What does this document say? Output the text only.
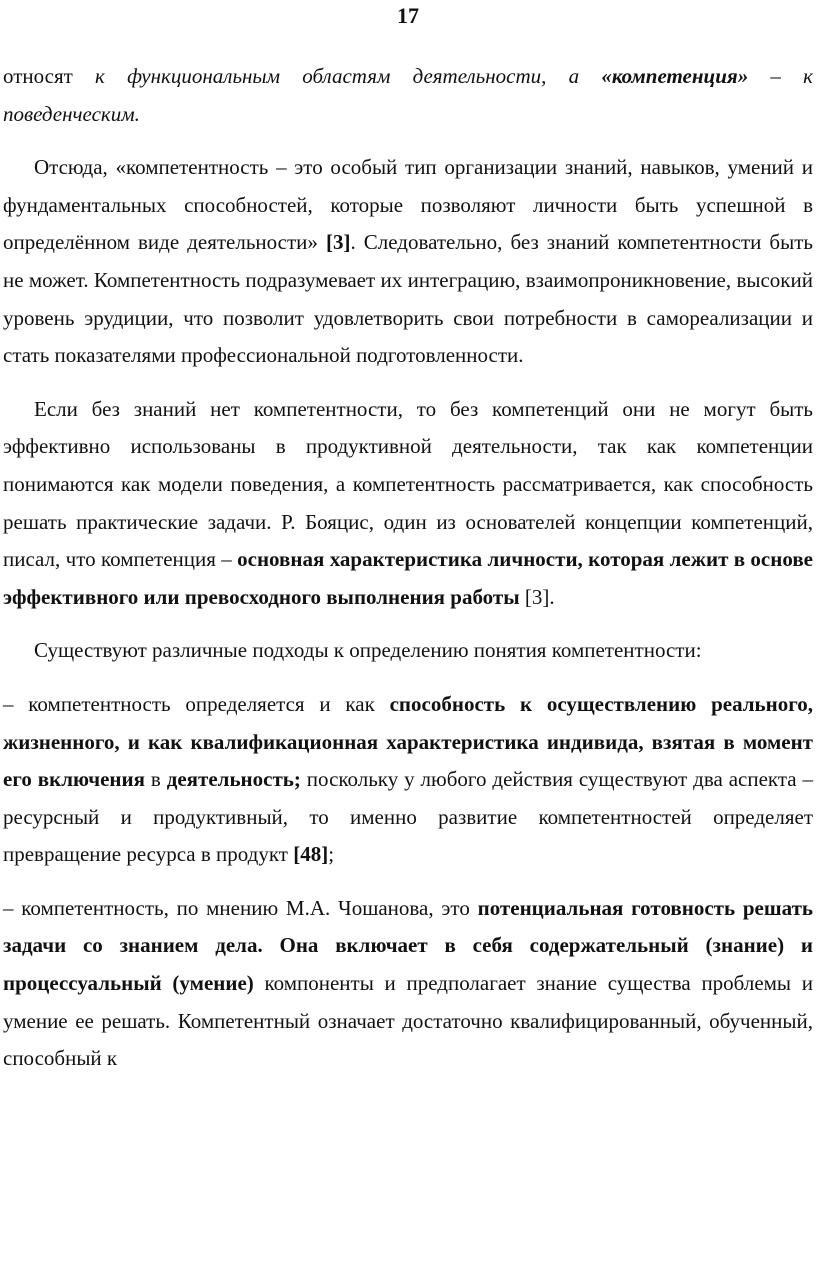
17

относят к функциональным областям деятельности, а «компетенция» – к поведенческим.

Отсюда, «компетентность – это особый тип организации знаний, навыков, умений и фундаментальных способностей, которые позволяют личности быть успешной в определённом виде деятельности» [3]. Следовательно, без знаний компетентности быть не может. Компетентность подразумевает их интеграцию, взаимопроникновение, высокий уровень эрудиции, что позволит удовлетворить свои потребности в самореализации и стать показателями профессиональной подготовленности.

Если без знаний нет компетентности, то без компетенций они не могут быть эффективно использованы в продуктивной деятельности, так как компетенции понимаются как модели поведения, а компетентность рассматривается, как способность решать практические задачи. Р. Бояцис, один из основателей концепции компетенций, писал, что компетенция – основная характеристика личности, которая лежит в основе эффективного или превосходного выполнения работы [3].

Существуют различные подходы к определению понятия компетентности:

– компетентность определяется и как способность к осуществлению реального, жизненного, и как квалификационная характеристика индивида, взятая в момент его включения в деятельность; поскольку у любого действия существуют два аспекта – ресурсный и продуктивный, то именно развитие компетентностей определяет превращение ресурса в продукт [48];

– компетентность, по мнению М.А. Чошанова, это потенциальная готовность решать задачи со знанием дела. Она включает в себя содержательный (знание) и процессуальный (умение) компоненты и предполагает знание существа проблемы и умение ее решать. Компетентный означает достаточно квалифицированный, обученный, способный к
